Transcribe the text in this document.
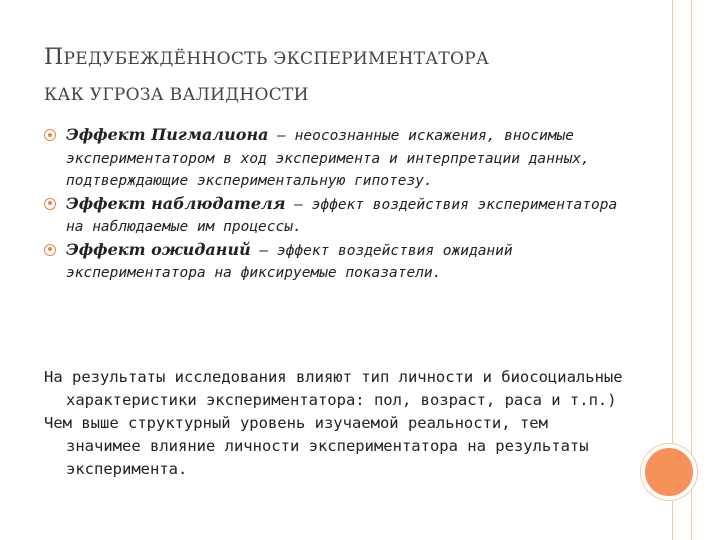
ПРЕДУБЕЖДЁННОСТЬ ЭКСПЕРИМЕНТАТОРА
КАК УГРОЗА ВАЛИДНОСТИ
Эффект Пигмалиона – неосознанные искажения, вносимые экспериментатором в ход эксперимента и интерпретации данных, подтверждающие экспериментальную гипотезу.
Эффект наблюдателя – эффект воздействия экспериментатора на наблюдаемые им процессы.
Эффект ожиданий – эффект воздействия ожиданий экспериментатора на фиксируемые показатели.

На результаты исследования влияют тип личности и биосоциальные характеристики экспериментатора: пол, возраст, раса и т.п.)

Чем выше структурный уровень изучаемой реальности, тем значимее влияние личности экспериментатора на результаты эксперимента.
